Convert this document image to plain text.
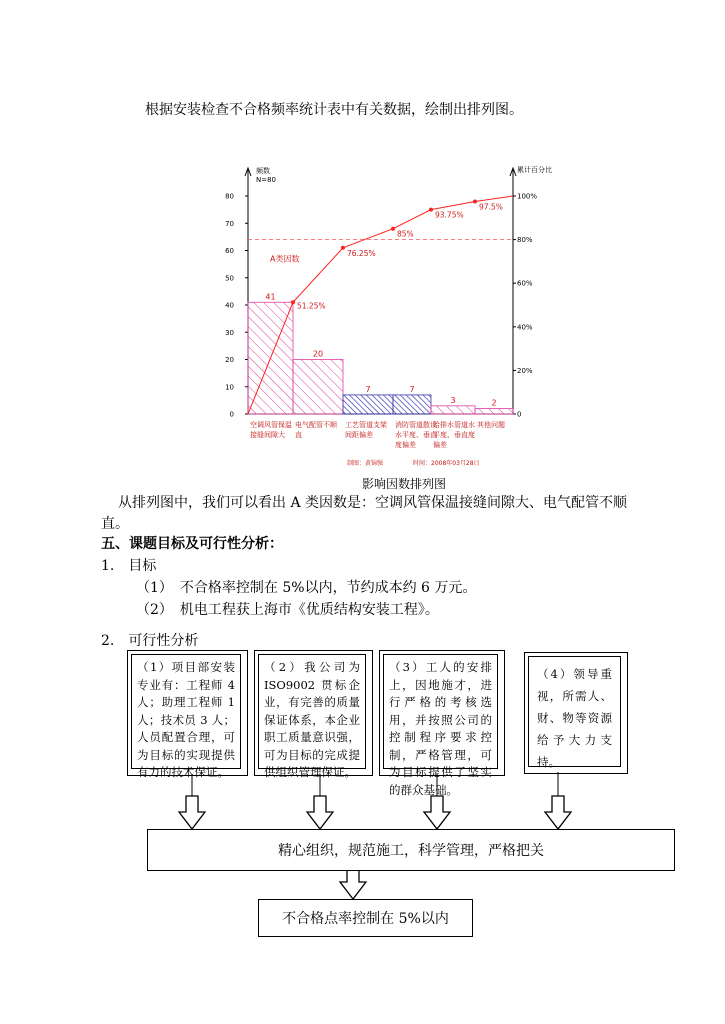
根据安装检查不合格频率统计表中有关数据，绘制出排列图。
频数
N=80
累计百分比
0
10
20
30
40
50
60
70
80
0
20%
40%
60%
80%
100%
41
20
7	7
3	2
空调风管保温接缝间隙大
电气配管不顺直
工艺管道支架间距偏差
消防管道散设水平度、垂直度偏差
给排水管道水平度、垂直度偏差
其他问题
制图：黄锦强	时间：2008年03月28日
A类因数
51.25%
76.25%
85%
93.75%
97.5%
影响因数排列图
从排列图中，我们可以看出 A 类因数是：空调风管保温接缝间隙大、电气配管不顺
直。
五、课题目标及可行性分析：
1.　目标
（1）　不合格率控制在 5%以内，节约成本约 6 万元。
（2）　机电工程获上海市《优质结构安装工程》。
2.　可行性分析
（1）项目部安装专业有：工程师 4 人；助理工程师 1 人；技术员 3 人；人员配置合理，可为目标的实现提供有力的技术保证。
（2）我公司为 ISO9002 贯标企业，有完善的质量保证体系，本企业职工质量意识强，可为目标的完成提供组织管理保证。
（3）工人的安排上，因地施才，进行严格的考核选用，并按照公司的控制程序要求控制，严格管理，可为目标提供了坚实的群众基础。
（4）领导重视，所需人、财、物等资源给予大力支持。
精心组织，规范施工，科学管理，严格把关
不合格点率控制在 5%以内
